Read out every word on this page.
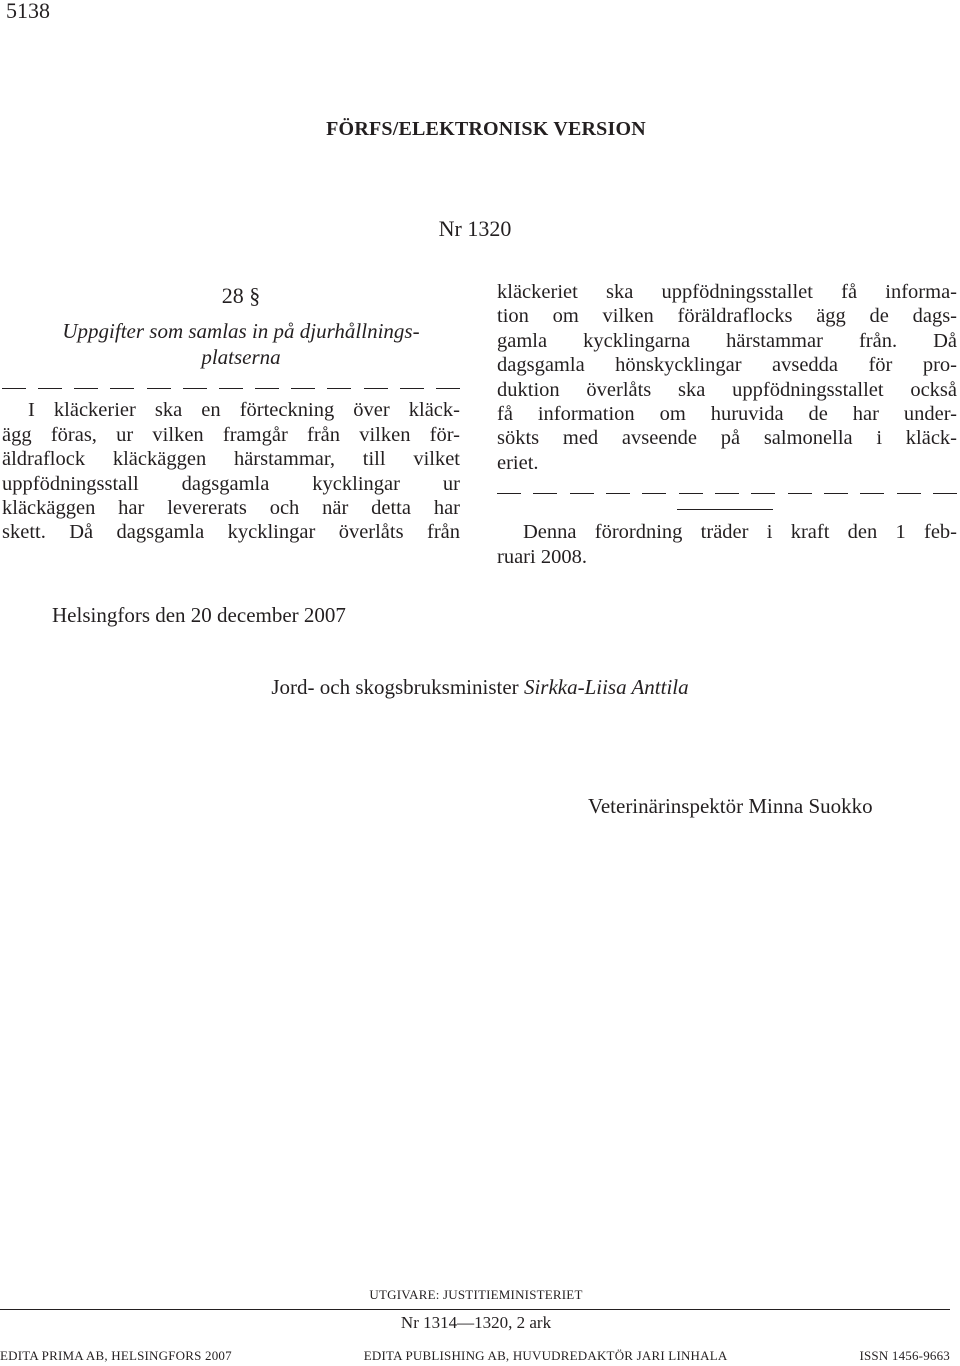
5138
FÖRFS/ELEKTRONISK VERSION
Nr 1320
28 §
Uppgifter som samlas in på djurhållnings-
platserna
I kläckerier ska en förteckning över kläck-
ägg föras, ur vilken framgår från vilken för-
äldraflock kläckäggen härstammar, till vilket
uppfödningsstall dagsgamla kycklingar ur
kläckäggen har levererats och när detta har
skett. Då dagsgamla kycklingar överlåts från
kläckeriet ska uppfödningsstallet få informa-
tion om vilken föräldraflocks ägg de dags-
gamla kycklingarna härstammar från. Då
dagsgamla hönskycklingar avsedda för pro-
duktion överlåts ska uppfödningsstallet också
få information om huruvida de har under-
sökts med avseende på salmonella i kläck-
eriet.
Denna förordning träder i kraft den 1 feb-
ruari 2008.
Helsingfors den 20 december 2007
Jord- och skogsbruksminister Sirkka-Liisa Anttila
Veterinärinspektör Minna Suokko
UTGIVARE: JUSTITIEMINISTERIET
Nr 1314—1320, 2 ark
EDITA PRIMA AB, HELSINGFORS 2007	EDITA PUBLISHING AB, HUVUDREDAKTÖR JARI LINHALA	ISSN 1456-9663
